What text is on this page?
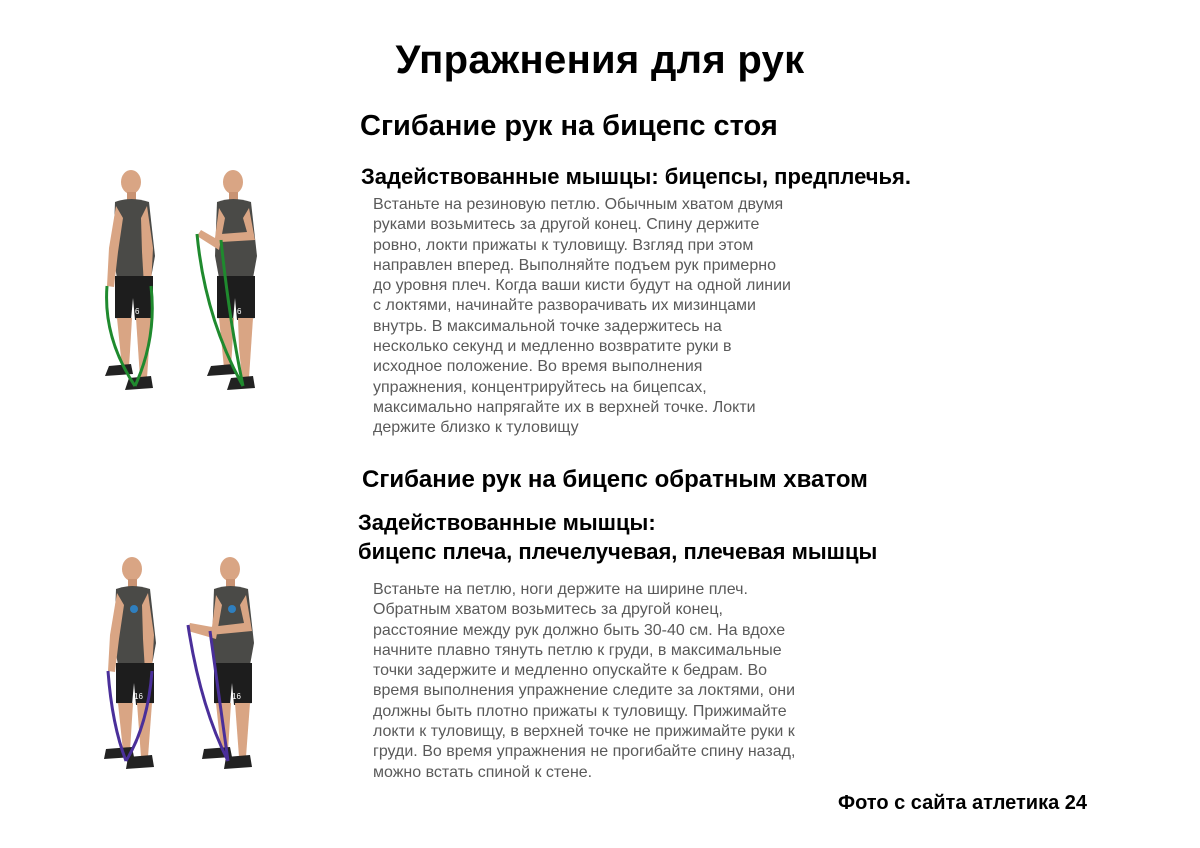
Упражнения для рук
Сгибание рук на бицепс стоя
Задействованные мышцы: бицепсы, предплечья.
Встаньте на резиновую петлю. Обычным хватом двумя
руками возьмитесь за другой конец. Спину держите
ровно, локти прижаты к туловищу. Взгляд при этом
направлен вперед. Выполняйте подъем рук примерно
до уровня плеч. Когда ваши кисти будут на одной линии
с локтями, начинайте разворачивать их мизинцами
внутрь. В максимальной точке задержитесь на
несколько секунд и медленно возвратите руки в
исходное положение. Во время выполнения
упражнения, концентрируйтесь на бицепсах,
максимально напрягайте их в верхней точке. Локти
держите близко к туловищу
6	6
Сгибание рук на бицепс обратным хватом
Задействованные мышцы:
бицепс плеча, плечелучевая, плечевая мышцы
Встаньте на петлю, ноги держите на ширине плеч.
Обратным хватом возьмитесь за другой конец,
расстояние между рук должно быть 30-40 см. На вдохе
начните плавно тянуть петлю к груди, в максимальные
точки задержите и медленно опускайте к бедрам. Во
время выполнения упражнение следите за локтями, они
должны быть плотно прижаты к туловищу. Прижимайте
локти к туловищу, в верхней точке не прижимайте руки к
груди. Во время упражнения не прогибайте спину назад,
можно встать спиной к стене.
16	16
Фото с сайта атлетика 24
